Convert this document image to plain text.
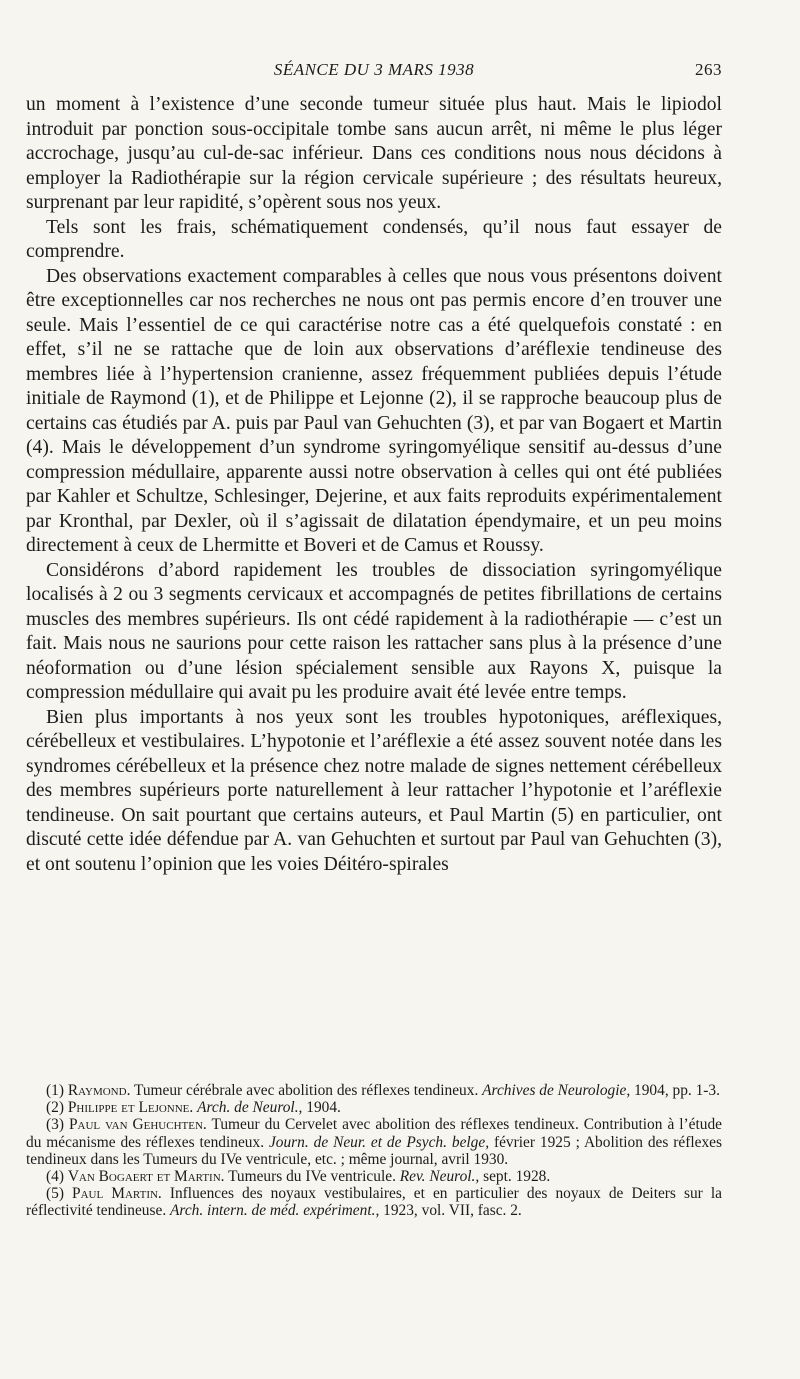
SÉANCE DU 3 MARS 1938	263

un moment à l’existence d’une seconde tumeur située plus haut. Mais le lipiodol introduit par ponction sous-occipitale tombe sans aucun arrêt, ni même le plus léger accrochage, jusqu’au cul-de-sac inférieur. Dans ces conditions nous nous décidons à employer la Radiothérapie sur la région cervicale supérieure ; des résultats heureux, surprenant par leur rapidité, s’opèrent sous nos yeux.

Tels sont les frais, schématiquement condensés, qu’il nous faut essayer de comprendre.

Des observations exactement comparables à celles que nous vous présentons doivent être exceptionnelles car nos recherches ne nous ont pas permis encore d’en trouver une seule. Mais l’essentiel de ce qui caractérise notre cas a été quelquefois constaté : en effet, s’il ne se rattache que de loin aux observations d’aréflexie tendineuse des membres liée à l’hypertension cranienne, assez fréquemment publiées depuis l’étude initiale de Raymond (1), et de Philippe et Lejonne (2), il se rapproche beaucoup plus de certains cas étudiés par A. puis par Paul van Gehuchten (3), et par van Bogaert et Martin (4). Mais le développement d’un syndrome syringomyélique sensitif au-dessus d’une compression médullaire, apparente aussi notre observation à celles qui ont été publiées par Kahler et Schultze, Schlesinger, Dejerine, et aux faits reproduits expérimentalement par Kronthal, par Dexler, où il s’agissait de dilatation épendymaire, et un peu moins directement à ceux de Lhermitte et Boveri et de Camus et Roussy.

Considérons d’abord rapidement les troubles de dissociation syringomyélique localisés à 2 ou 3 segments cervicaux et accompagnés de petites fibrillations de certains muscles des membres supérieurs. Ils ont cédé rapidement à la radiothérapie — c’est un fait. Mais nous ne saurions pour cette raison les rattacher sans plus à la présence d’une néoformation ou d’une lésion spécialement sensible aux Rayons X, puisque la compression médullaire qui avait pu les produire avait été levée entre temps.

Bien plus importants à nos yeux sont les troubles hypotoniques, aréflexiques, cérébelleux et vestibulaires. L’hypotonie et l’aréflexie a été assez souvent notée dans les syndromes cérébelleux et la présence chez notre malade de signes nettement cérébelleux des membres supérieurs porte naturellement à leur rattacher l’hypotonie et l’aréflexie tendineuse. On sait pourtant que certains auteurs, et Paul Martin (5) en particulier, ont discuté cette idée défendue par A. van Gehuchten et surtout par Paul van Gehuchten (3), et ont soutenu l’opinion que les voies Déitéro-spirales

(1) Raymond. Tumeur cérébrale avec abolition des réflexes tendineux. Archives de Neurologie, 1904, pp. 1-3.

(2) Philippe et Lejonne. Arch. de Neurol., 1904.

(3) Paul van Gehuchten. Tumeur du Cervelet avec abolition des réflexes tendineux. Contribution à l’étude du mécanisme des réflexes tendineux. Journ. de Neur. et de Psych. belge, février 1925 ; Abolition des réflexes tendineux dans les Tumeurs du IVe ventricule, etc. ; même journal, avril 1930.

(4) Van Bogaert et Martin. Tumeurs du IVe ventricule. Rev. Neurol., sept. 1928.

(5) Paul Martin. Influences des noyaux vestibulaires, et en particulier des noyaux de Deiters sur la réflectivité tendineuse. Arch. intern. de méd. expériment., 1923, vol. VII, fasc. 2.
